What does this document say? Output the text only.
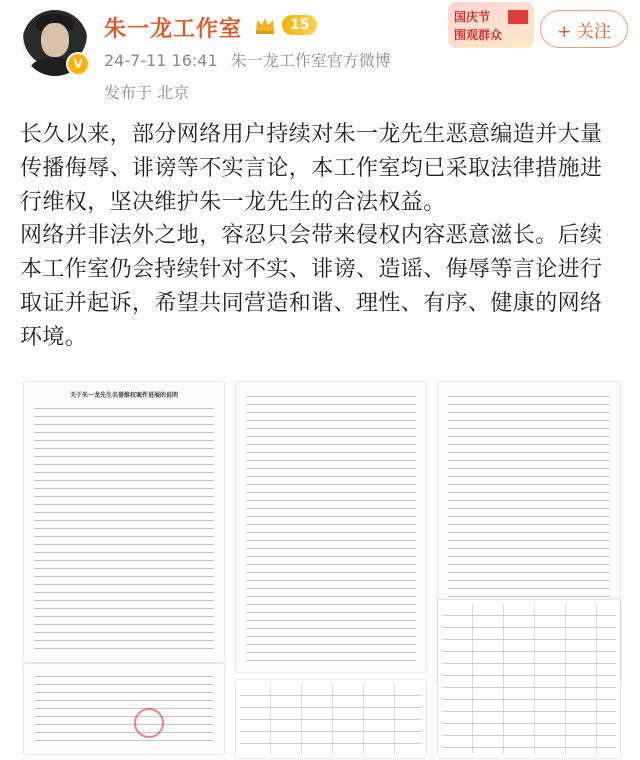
V
朱一龙工作室	15
24-7-11 16:41 朱一龙工作室官方微博
发布于 北京
国庆节
围观群众	+ 关注

长久以来，部分网络用户持续对朱一龙先生恶意编造并大量传播侮辱、诽谤等不实言论，本工作室均已采取法律措施进行维权，坚决维护朱一龙先生的合法权益。

网络并非法外之地，容忍只会带来侵权内容恶意滋长。后续本工作室仍会持续针对不实、诽谤、造谣、侮辱等言论进行取证并起诉，希望共同营造和谐、理性、有序、健康的网络环境。

关于朱一龙先生名誉维权案件进展的说明
